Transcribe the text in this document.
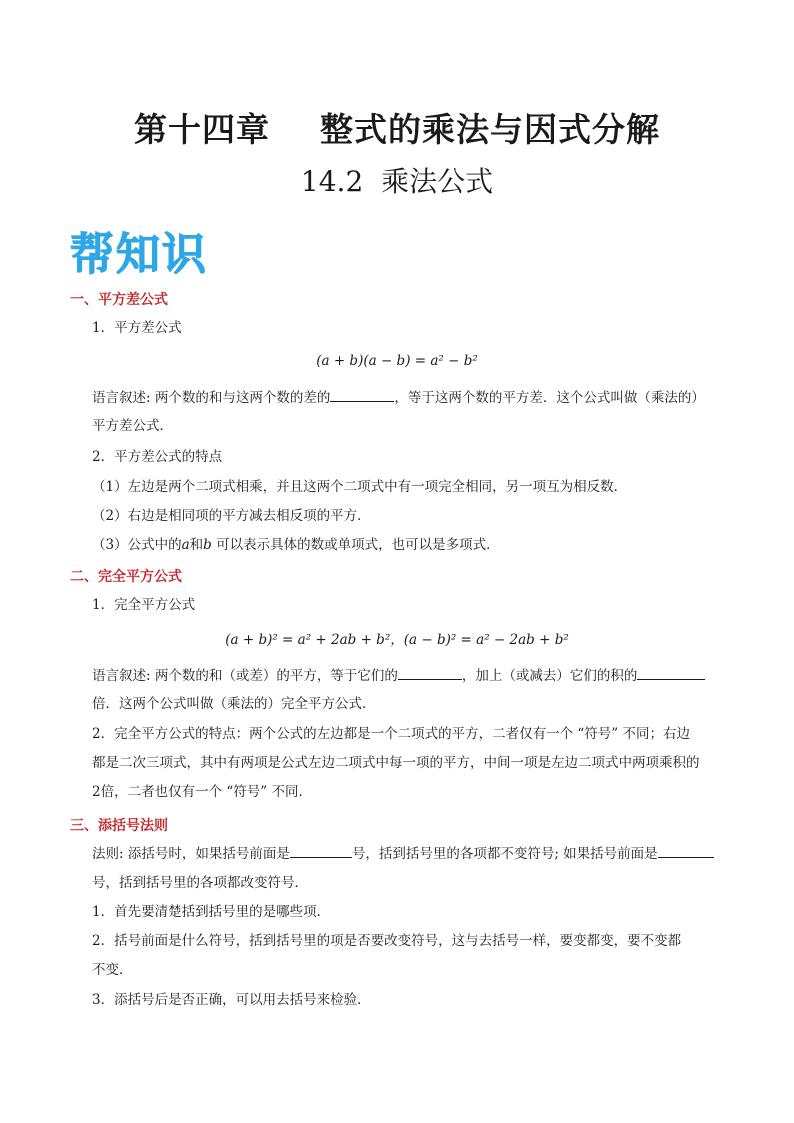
第十四章    整式的乘法与因式分解
14.2  乘法公式
帮知识
一、平方差公式
1．平方差公式
(a + b)(a − b) = a² − b²
语言叙述: 两个数的和与这两个数的差的	，等于这两个数的平方差．这个公式叫做（乘法的）
平方差公式．
2．平方差公式的特点
（1）左边是两个二项式相乘，并且这两个二项式中有一项完全相同，另一项互为相反数．
（2）右边是相同项的平方减去相反项的平方．
（3）公式中的a和b 可以表示具体的数或单项式，也可以是多项式．
二、完全平方公式
1．完全平方公式
(a + b)² = a² + 2ab + b²，(a − b)² = a² − 2ab + b²
语言叙述: 两个数的和（或差）的平方，等于它们的	，加上（或减去）它们的积的
倍．这两个公式叫做（乘法的）完全平方公式．
2．完全平方公式的特点：两个公式的左边都是一个二项式的平方，二者仅有一个 “符号” 不同；右边
都是二次三项式，其中有两项是公式左边二项式中每一项的平方，中间一项是左边二项式中两项乘积的
2倍，二者也仅有一个 “符号” 不同．
三、添括号法则
法则: 添括号时，如果括号前面是	号，括到括号里的各项都不变符号; 如果括号前面是
号，括到括号里的各项都改变符号．
1．首先要清楚括到括号里的是哪些项．
2．括号前面是什么符号，括到括号里的项是否要改变符号，这与去括号一样，要变都变，要不变都
不变．
3．添括号后是否正确，可以用去括号来检验．
